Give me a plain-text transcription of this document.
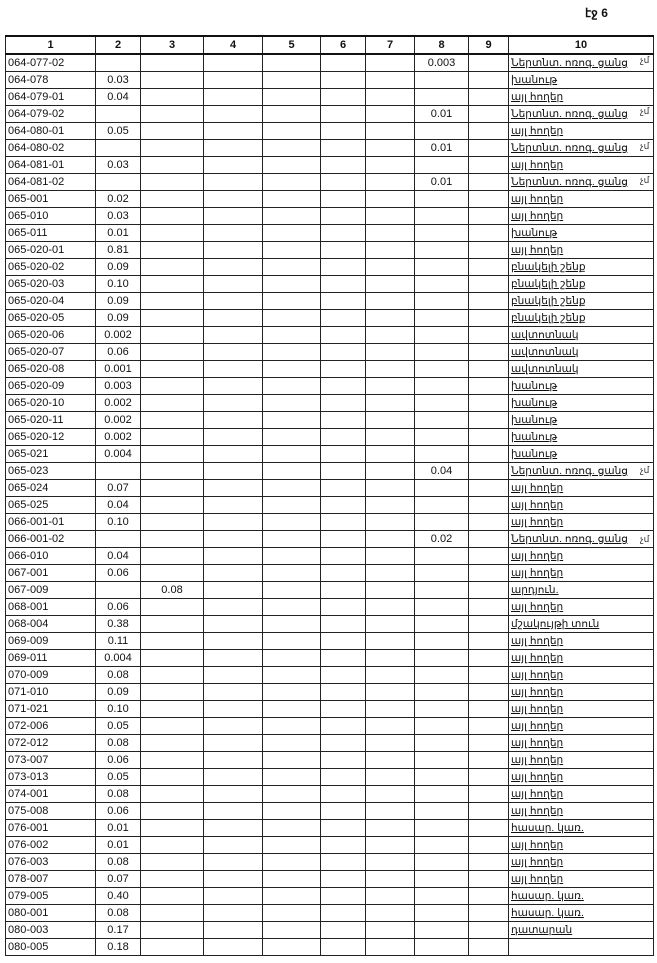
էջ 6
1	2	3	4	5	6	7	8	9	10
064-077-02							0.003		Ներտնտ. ոռոգ. ցանց
064-078	0.03								խանութ
064-079-01	0.04								այլ հողեր
064-079-02							0.01		Ներտնտ. ոռոգ. ցանց
064-080-01	0.05								այլ հողեր
064-080-02							0.01		Ներտնտ. ոռոգ. ցանց
064-081-01	0.03								այլ հողեր
064-081-02							0.01		Ներտնտ. ոռոգ. ցանց
065-001	0.02								այլ հողեր
065-010	0.03								այլ հողեր
065-011	0.01								խանութ
065-020-01	0.81								այլ հողեր
065-020-02	0.09								բնակելի շենք
065-020-03	0.10								բնակելի շենք
065-020-04	0.09								բնակելի շենք
065-020-05	0.09								բնակելի շենք
065-020-06	0.002								ավտոտնակ
065-020-07	0.06								ավտոտնակ
065-020-08	0.001								ավտոտնակ
065-020-09	0.003								խանութ
065-020-10	0.002								խանութ
065-020-11	0.002								խանութ
065-020-12	0.002								խանութ
065-021	0.004								խանութ
065-023							0.04		Ներտնտ. ոռոգ. ցանց
065-024	0.07								այլ հողեր
065-025	0.04								այլ հողեր
066-001-01	0.10								այլ հողեր
066-001-02							0.02		Ներտնտ. ոռոգ. ցանց
066-010	0.04								այլ հողեր
067-001	0.06								այլ հողեր
067-009		0.08							արդյուն.
068-001	0.06								այլ հողեր
068-004	0.38								մշակույթի տուն
069-009	0.11								այլ հողեր
069-011	0.004								այլ հողեր
070-009	0.08								այլ հողեր
071-010	0.09								այլ հողեր
071-021	0.10								այլ հողեր
072-006	0.05								այլ հողեր
072-012	0.08								այլ հողեր
073-007	0.06								այլ հողեր
073-013	0.05								այլ հողեր
074-001	0.08								այլ հողեր
075-008	0.06								այլ հողեր
076-001	0.01								հասար. կառ.
076-002	0.01								այլ հողեր
076-003	0.08								այլ հողեր
078-007	0.07								այլ հողեր
079-005	0.40								հասար. կառ.
080-001	0.08								հասար. կառ.
080-003	0.17								դատարան
080-005	0.18								
չմ
չմ
չմ
չմ
չմ
չմ
